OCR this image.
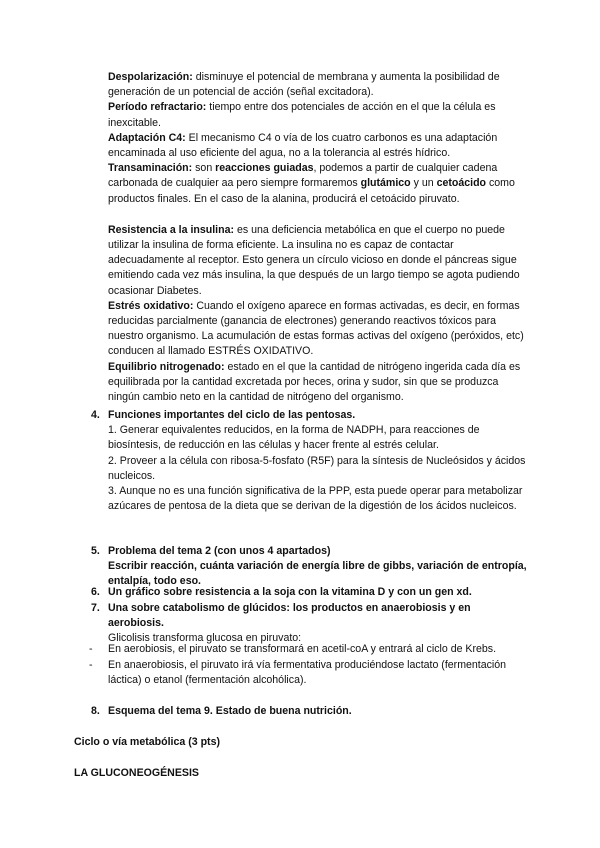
Despolarización: disminuye el potencial de membrana y aumenta la posibilidad de generación de un potencial de acción (señal excitadora).

Período refractario: tiempo entre dos potenciales de acción en el que la célula es inexcitable.

Adaptación C4: El mecanismo C4 o vía de los cuatro carbonos es una adaptación encaminada al uso eficiente del agua, no a la tolerancia al estrés hídrico.

Transaminación: son reacciones guiadas, podemos a partir de cualquier cadena carbonada de cualquier aa pero siempre formaremos glutámico y un cetoácido como productos finales. En el caso de la alanina, producirá el cetoácido piruvato.

Resistencia a la insulina: es una deficiencia metabólica en que el cuerpo no puede utilizar la insulina de forma eficiente. La insulina no es capaz de contactar adecuadamente al receptor. Esto genera un círculo vicioso en donde el páncreas sigue emitiendo cada vez más insulina, la que después de un largo tiempo se agota pudiendo ocasionar Diabetes.

Estrés oxidativo: Cuando el oxígeno aparece en formas activadas, es decir, en formas reducidas parcialmente (ganancia de electrones) generando reactivos tóxicos para nuestro organismo. La acumulación de estas formas activas del oxígeno (peróxidos, etc) conducen al llamado ESTRÉS OXIDATIVO.

Equilibrio nitrogenado: estado en el que la cantidad de nitrógeno ingerida cada día es equilibrada por la cantidad excretada por heces, orina y sudor, sin que se produzca ningún cambio neto en la cantidad de nitrógeno del organismo.

4. Funciones importantes del ciclo de las pentosas.

1. Generar equivalentes reducidos, en la forma de NADPH, para reacciones de biosíntesis, de reducción en las células y hacer frente al estrés celular.

2. Proveer a la célula con ribosa-5-fosfato (R5F) para la síntesis de Nucleósidos y ácidos nucleicos.

3. Aunque no es una función significativa de la PPP, esta puede operar para metabolizar azúcares de pentosa de la dieta que se derivan de la digestión de los ácidos nucleicos.

5. Problema del tema 2 (con unos 4 apartados)

Escribir reacción, cuánta variación de energía libre de gibbs, variación de entropía, entalpía, todo eso.

6. Un gráfico sobre resistencia a la soja con la vitamina D y con un gen xd.

7. Una sobre catabolismo de glúcidos: los productos en anaerobiosis y en aerobiosis.

Glicolisis transforma glucosa en piruvato:

- En aerobiosis, el piruvato se transformará en acetil-coA y entrará al ciclo de Krebs.

- En anaerobiosis, el piruvato irá vía fermentativa produciéndose lactato (fermentación láctica) o etanol (fermentación alcohólica).

8. Esquema del tema 9. Estado de buena nutrición.

Ciclo o vía metabólica (3 pts)
LA GLUCONEOGÉNESIS
